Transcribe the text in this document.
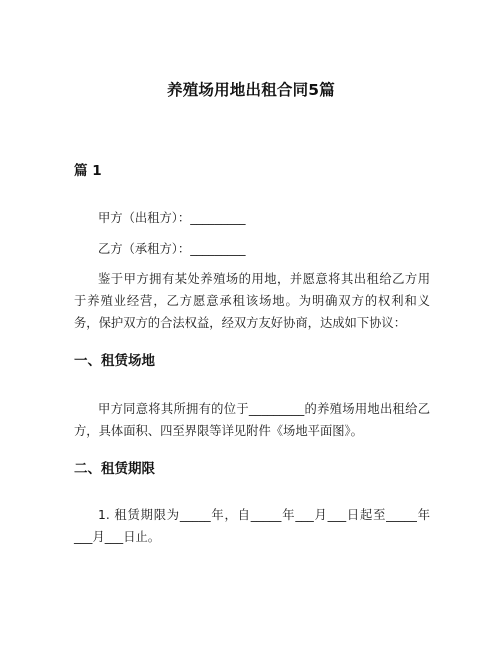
养殖场用地出租合同5篇
篇 1
甲方（出租方）：_________
乙方（承租方）：_________
鉴于甲方拥有某处养殖场的用地，并愿意将其出租给乙方用于养殖业经营，乙方愿意承租该场地。为明确双方的权利和义务，保护双方的合法权益，经双方友好协商，达成如下协议：
一、租赁场地
甲方同意将其所拥有的位于_________的养殖场用地出租给乙方，具体面积、四至界限等详见附件《场地平面图》。
二、租赁期限
1. 租赁期限为_____年，自_____年___月___日起至_____年___月___日止。
